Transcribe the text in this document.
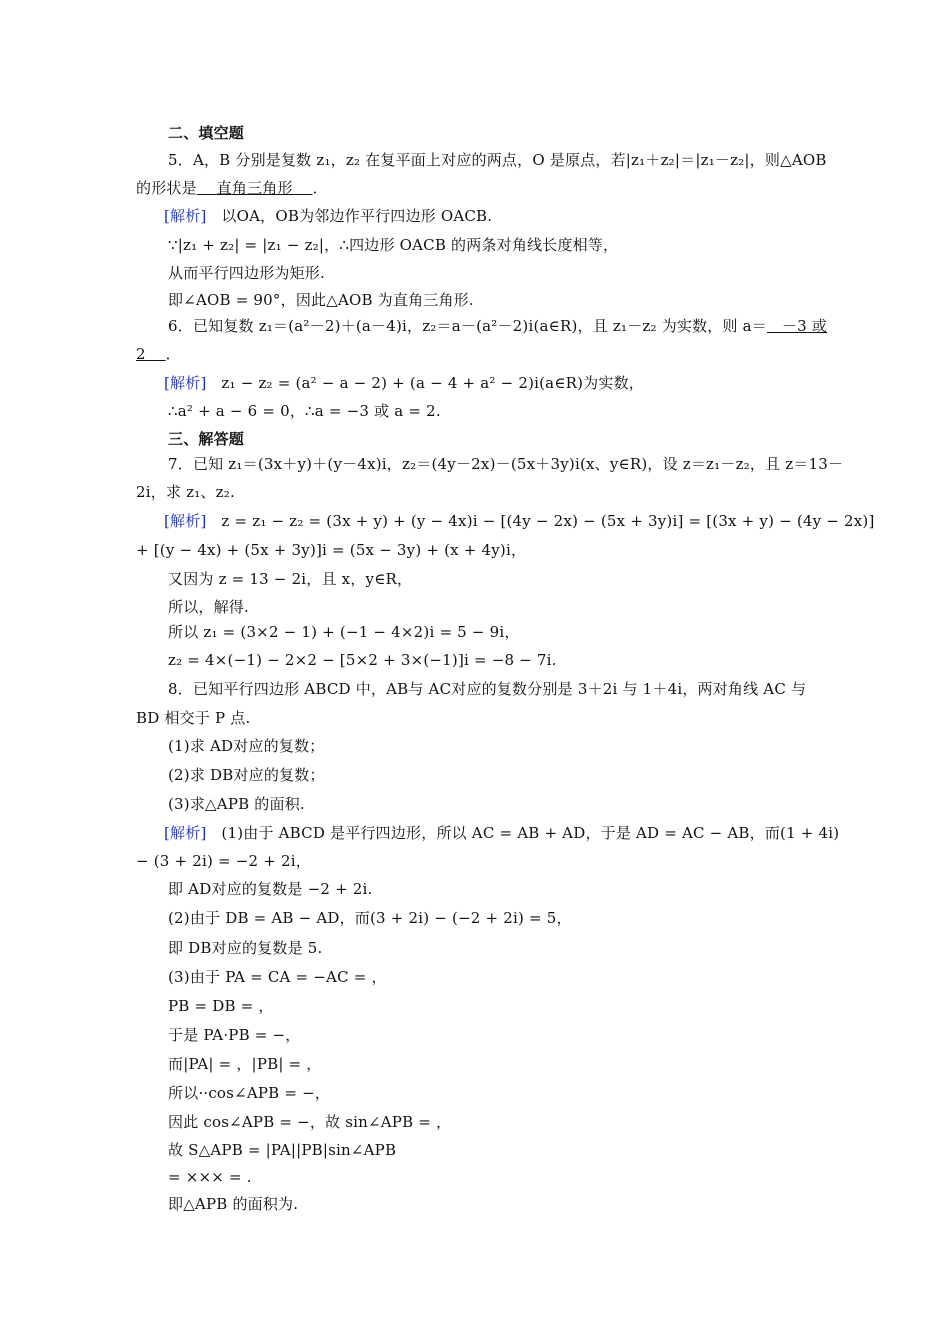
二、填空题
5．A，B 分别是复数 z₁，z₂ 在复平面上对应的两点，O 是原点，若|z₁＋z₂|＝|z₁－z₂|，则△AOB
的形状是    直角三角形    ．
[解析]   以OA，OB为邻边作平行四边形 OACB.
∵|z₁ + z₂| = |z₁ − z₂|，∴四边形 OACB 的两条对角线长度相等，
从而平行四边形为矩形.
即∠AOB = 90°，因此△AOB 为直角三角形.
6．已知复数 z₁＝(a²－2)＋(a－4)i，z₂＝a－(a²－2)i(a∈R)，且 z₁－z₂ 为实数，则 a＝   －3 或
2    ．
[解析]   z₁ − z₂ = (a² − a − 2) + (a − 4 + a² − 2)i(a∈R)为实数，
∴a² + a − 6 = 0，∴a = −3 或 a = 2.
三、解答题
7．已知 z₁＝(3x＋y)＋(y－4x)i，z₂＝(4y－2x)－(5x＋3y)i(x、y∈R)，设 z＝z₁－z₂，且 z＝13－
2i，求 z₁、z₂.
[解析]   z = z₁ − z₂ = (3x + y) + (y − 4x)i − [(4y − 2x) − (5x + 3y)i] = [(3x + y) − (4y − 2x)]
+ [(y − 4x) + (5x + 3y)]i = (5x − 3y) + (x + 4y)i，
又因为 z = 13 − 2i，且 x，y∈R，
所以，解得.
所以 z₁ = (3×2 − 1) + (−1 − 4×2)i = 5 − 9i，
z₂ = 4×(−1) − 2×2 − [5×2 + 3×(−1)]i = −8 − 7i.
8．已知平行四边形 ABCD 中，AB与 AC对应的复数分别是 3＋2i 与 1＋4i，两对角线 AC 与
BD 相交于 P 点.
(1)求 AD对应的复数；
(2)求 DB对应的复数；
(3)求△APB 的面积.
[解析]   (1)由于 ABCD 是平行四边形，所以 AC = AB + AD，于是 AD = AC − AB，而(1 + 4i)
− (3 + 2i) = −2 + 2i，
即 AD对应的复数是 −2 + 2i.
(2)由于 DB = AB − AD，而(3 + 2i) − (−2 + 2i) = 5，
即 DB对应的复数是 5.
(3)由于 PA = CA = −AC = ，
PB = DB = ，
于是 PA·PB = −，
而|PA| = ，|PB| = ，
所以··cos∠APB = −，
因此 cos∠APB = −，故 sin∠APB = ，
故 S△APB = |PA||PB|sin∠APB
= ××× = .
即△APB 的面积为.
